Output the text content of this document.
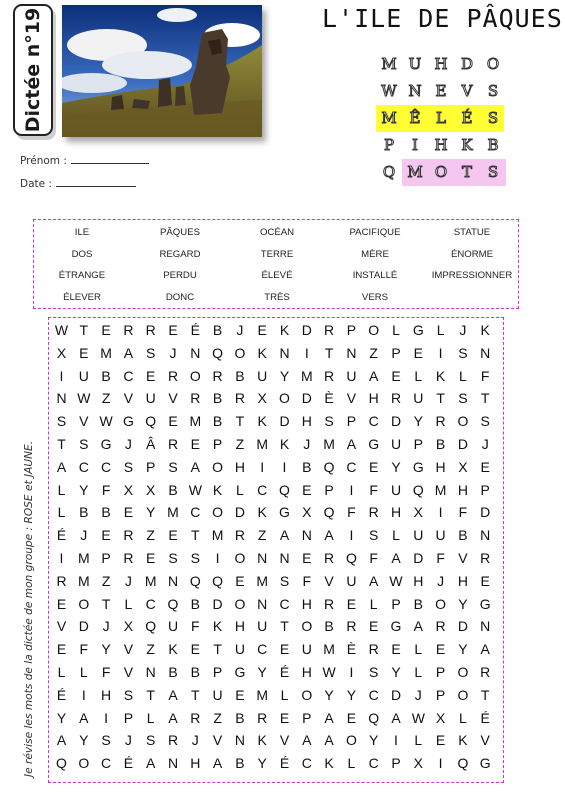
Dictée n°19
Prénom :
Date :
L'ILE DE PÂQUES
M U H D O
W N E	V	S
M Ê	L	É	S
P	I	H K B
Q M O T	S
ILE	PÂQUES	OCÉAN	PACIFIQUE	STATUE
DOS	REGARD	TERRE	MÈRE	ÉNORME
ÉTRANGE	PERDU	ÉLEVÉ	INSTALLÉ	IMPRESSIONNER
ÉLEVER	DONC	TRÈS	VERS
Je révise les mots de la dictée de mon groupe : ROSE et JAUNE.
W T E R R E É B	J	E K D R P O L G L	J	K
X E M A S	J N Q O K N	I	T N Z P E	I	S N
I	U B C E R O R B U Y M R U A E L K L	F
N W Z V U V R B R X O D È V H R U T S T
S V W G Q E M B T K D H S P C D Y R O S
T S G J	Â R E P Z M K	J M A G U P B D J
A C C S P S A O H	I	I	B Q C E Y G H X E
L Y F X X B W K L C Q E P	I	F U Q M H P
L B B E Y M C O D K G X Q F R H X	I	F D
É	J	E R Z E T M R Z A N A	I	S L U U B N
I	M P R E S S	I	O N N E R Q F A D F V R
R M Z	J M N Q Q E M S F V U A W H J H E
E O T	L C Q B D O N C H R E L P B O Y G
V D J	X Q U F K H U T O B R E G A R D N
E F Y V Z K E T U C E U M È R E L E Y A
L	L	F V N B B P G Y É H W I	S Y L P O R
É	I	H S T A T U E M L O Y Y C D J	P O T
Y A	I	P L A R Z B R E P A E Q A W X L É
A Y S	J	S R J	V N K V A A O Y	I	L E K V
Q O C É A N H A B Y É C K L C P X	I	Q G
